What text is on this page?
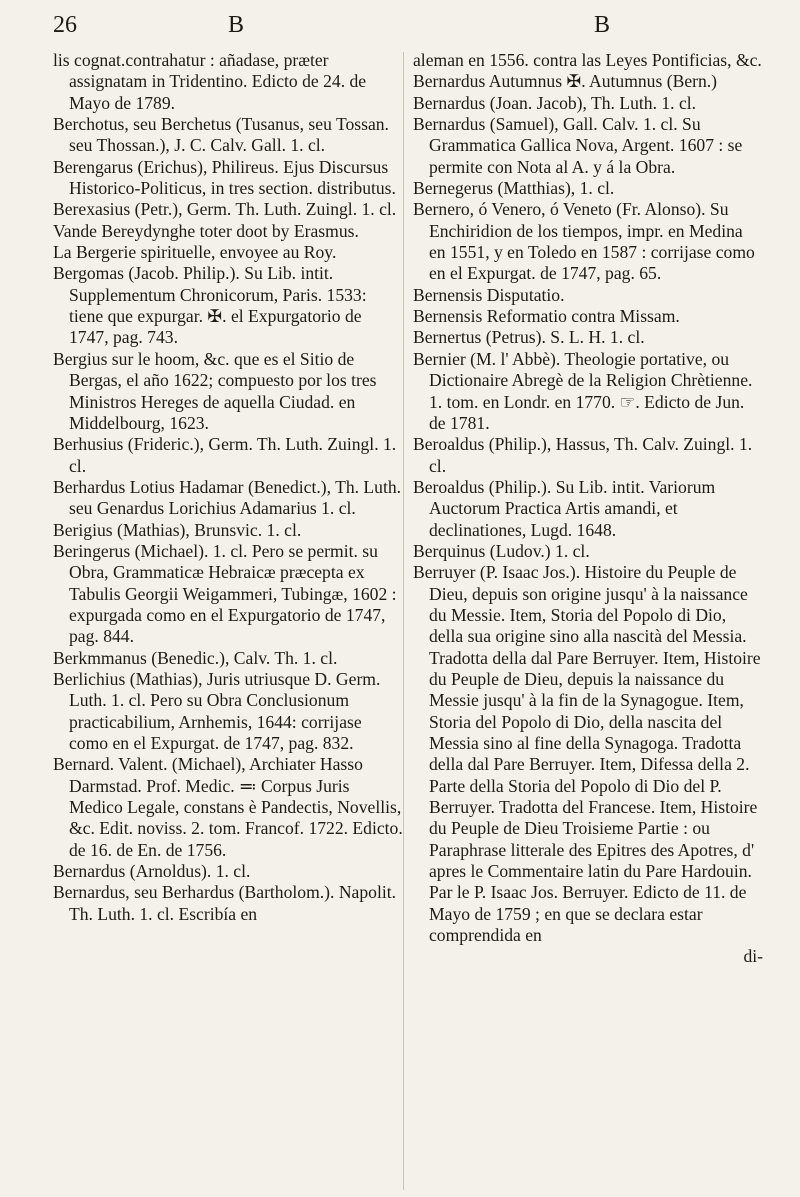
26	B	B

lis cognat.contrahatur : añadase, præter assignatam in Tridentino. Edicto de 24. de Mayo de 1789.

Berchotus, seu Berchetus (Tusanus, seu Tossan. seu Thossan.), J. C. Calv. Gall. 1. cl.

Berengarus (Erichus), Philireus. Ejus Discursus Historico-Politicus, in tres section. distributus.

Berexasius (Petr.), Germ. Th. Luth. Zuingl. 1. cl.

Vande Bereydynghe toter doot by Erasmus.

La Bergerie spirituelle, envoyee au Roy.

Bergomas (Jacob. Philip.). Su Lib. intit. Supplementum Chronicorum, Paris. 1533: tiene que expurgar. ✠. el Expurgatorio de 1747, pag. 743.

Bergius sur le hoom, &c. que es el Sitio de Bergas, el año 1622; compuesto por los tres Ministros Hereges de aquella Ciudad. en Middelbourg, 1623.

Berhusius (Frideric.), Germ. Th. Luth. Zuingl. 1. cl.

Berhardus Lotius Hadamar (Benedict.), Th. Luth. seu Genardus Lorichius Adamarius 1. cl.

Berigius (Mathias), Brunsvic. 1. cl.

Beringerus (Michael). 1. cl. Pero se permit. su Obra, Grammaticæ Hebraicæ præcepta ex Tabulis Georgii Weigammeri, Tubingæ, 1602 : expurgada como en el Expurgatorio de 1747, pag. 844.

Berkmmanus (Benedic.), Calv. Th. 1. cl.

Berlichius (Mathias), Juris utriusque D. Germ. Luth. 1. cl. Pero su Obra Conclusionum practicabilium, Arnhemis, 1644: corrijase como en el Expurgat. de 1747, pag. 832.

Bernard. Valent. (Michael), Archiater Hasso Darmstad. Prof. Medic. ≕ Corpus Juris Medico Legale, constans è Pandectis, Novellis, &c. Edit. noviss. 2. tom. Francof. 1722. Edicto. de 16. de En. de 1756.

Bernardus (Arnoldus). 1. cl.

Bernardus, seu Berhardus (Bartholom.). Napolit. Th. Luth. 1. cl. Escribía en

aleman en 1556. contra las Leyes Pontificias, &c.

Bernardus Autumnus ✠. Autumnus (Bern.)

Bernardus (Joan. Jacob), Th. Luth. 1. cl.

Bernardus (Samuel), Gall. Calv. 1. cl. Su Grammatica Gallica Nova, Argent. 1607 : se permite con Nota al A. y á la Obra.

Bernegerus (Matthias), 1. cl.

Bernero, ó Venero, ó Veneto (Fr. Alonso). Su Enchiridion de los tiempos, impr. en Medina en 1551, y en Toledo en 1587 : corrijase como en el Expurgat. de 1747, pag. 65.

Bernensis Disputatio.

Bernensis Reformatio contra Missam.

Bernertus (Petrus). S. L. H. 1. cl.

Bernier (M. l' Abbè). Theologie portative, ou Dictionaire Abregè de la Religion Chrètienne. 1. tom. en Londr. en 1770. ☞. Edicto de Jun. de 1781.

Beroaldus (Philip.), Hassus, Th. Calv. Zuingl. 1. cl.

Beroaldus (Philip.). Su Lib. intit. Variorum Auctorum Practica Artis amandi, et declinationes, Lugd. 1648.

Berquinus (Ludov.) 1. cl.

Berruyer (P. Isaac Jos.). Histoire du Peuple de Dieu, depuis son origine jusqu' à la naissance du Messie. Item, Storia del Popolo di Dio, della sua origine sino alla nascità del Messia. Tradotta della dal Pare Berruyer. Item, Histoire du Peuple de Dieu, depuis la naissance du Messie jusqu' à la fin de la Synagogue. Item, Storia del Popolo di Dio, della nascita del Messia sino al fine della Synagoga. Tradotta della dal Pare Berruyer. Item, Difessa della 2. Parte della Storia del Popolo di Dio del P. Berruyer. Tradotta del Francese. Item, Histoire du Peuple de Dieu Troisieme Partie : ou Paraphrase litterale des Epitres des Apotres, d' apres le Commentaire latin du Pare Hardouin. Par le P. Isaac Jos. Berruyer. Edicto de 11. de Mayo de 1759 ; en que se declara estar comprendida en

di-
